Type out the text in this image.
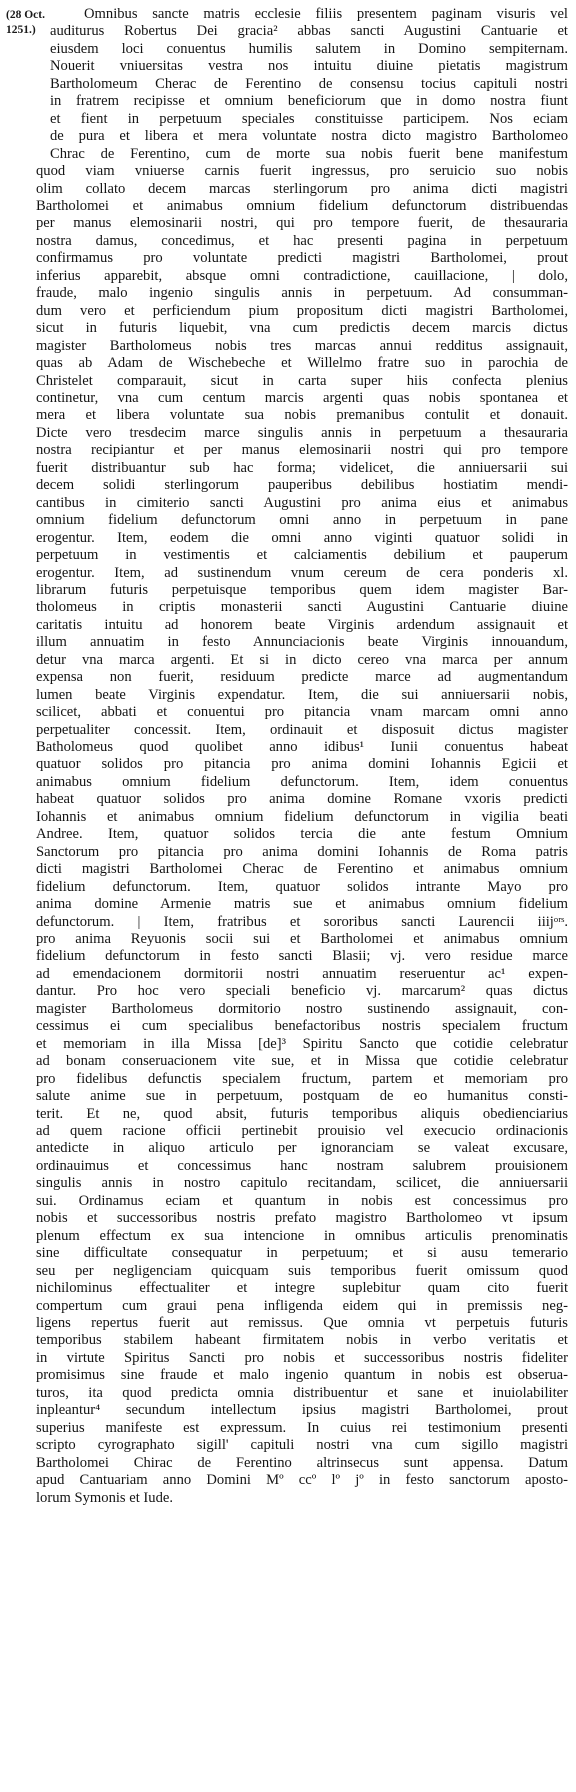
(28 Oct.
1251.)
Omnibus sancte matris ecclesie filiis presentem paginam visuris vel
auditurus Robertus Dei gracia² abbas sancti Augustini Cantuarie et
eiusdem loci conuentus humilis salutem in Domino sempiternam.
Nouerit vniuersitas vestra nos intuitu diuine pietatis magistrum
Bartholomeum Cherac de Ferentino de consensu tocius capituli nostri
in fratrem recipisse et omnium beneficiorum que in domo nostra fiunt
et fient in perpetuum speciales constituisse participem. Nos eciam
de pura et libera et mera voluntate nostra dicto magistro Bartholomeo
Chrac de Ferentino, cum de morte sua nobis fuerit bene manifestum
quod viam vniuerse carnis fuerit ingressus, pro seruicio suo nobis
olim collato decem marcas sterlingorum pro anima dicti magistri
Bartholomei et animabus omnium fidelium defunctorum distribuendas
per manus elemosinarii nostri, qui pro tempore fuerit, de thesauraria
nostra damus, concedimus, et hac presenti pagina in perpetuum
confirmamus pro voluntate predicti magistri Bartholomei, prout
inferius apparebit, absque omni contradictione, cauillacione, | dolo,
fraude, malo ingenio singulis annis in perpetuum. Ad consumman-
dum vero et perficiendum pium propositum dicti magistri Bartholomei,
sicut in futuris liquebit, vna cum predictis decem marcis dictus
magister Bartholomeus nobis tres marcas annui redditus assignauit,
quas ab Adam de Wischebeche et Willelmo fratre suo in parochia de
Christelet comparauit, sicut in carta super hiis confecta plenius
continetur, vna cum centum marcis argenti quas nobis spontanea et
mera et libera voluntate sua nobis premanibus contulit et donauit.
Dicte vero tresdecim marce singulis annis in perpetuum a thesauraria
nostra recipiantur et per manus elemosinarii nostri qui pro tempore
fuerit distribuantur sub hac forma; videlicet, die anniuersarii sui
decem solidi sterlingorum pauperibus debilibus hostiatim mendi-
cantibus in cimiterio sancti Augustini pro anima eius et animabus
omnium fidelium defunctorum omni anno in perpetuum in pane
erogentur. Item, eodem die omni anno viginti quatuor solidi in
perpetuum in vestimentis et calciamentis debilium et pauperum
erogentur. Item, ad sustinendum vnum cereum de cera ponderis xl.
librarum futuris perpetuisque temporibus quem idem magister Bar-
tholomeus in criptis monasterii sancti Augustini Cantuarie diuine
caritatis intuitu ad honorem beate Virginis ardendum assignauit et
illum annuatim in festo Annunciacionis beate Virginis innouandum,
detur vna marca argenti. Et si in dicto cereo vna marca per annum
expensa non fuerit, residuum predicte marce ad augmentandum
lumen beate Virginis expendatur. Item, die sui anniuersarii nobis,
scilicet, abbati et conuentui pro pitancia vnam marcam omni anno
perpetualiter concessit. Item, ordinauit et disposuit dictus magister
Batholomeus quod quolibet anno idibus¹ Iunii conuentus habeat
quatuor solidos pro pitancia pro anima domini Iohannis Egicii et
animabus omnium fidelium defunctorum. Item, idem conuentus
habeat quatuor solidos pro anima domine Romane vxoris predicti
Iohannis et animabus omnium fidelium defunctorum in vigilia beati
Andree. Item, quatuor solidos tercia die ante festum Omnium
Sanctorum pro pitancia pro anima domini Iohannis de Roma patris
dicti magistri Bartholomei Cherac de Ferentino et animabus omnium
fidelium defunctorum. Item, quatuor solidos intrante Mayo pro
anima domine Armenie matris sue et animabus omnium fidelium
defunctorum. | Item, fratribus et sororibus sancti Laurencii iiijᵒʳˢ.
pro anima Reyuonis socii sui et Bartholomei et animabus omnium
fidelium defunctorum in festo sancti Blasii; vj. vero residue marce
ad emendacionem dormitorii nostri annuatim reseruentur ac¹ expen-
dantur. Pro hoc vero speciali beneficio vj. marcarum² quas dictus
magister Bartholomeus dormitorio nostro sustinendo assignauit, con-
cessimus ei cum specialibus benefactoribus nostris specialem fructum
et memoriam in illa Missa [de]³ Spiritu Sancto que cotidie celebratur
ad bonam conseruacionem vite sue, et in Missa que cotidie celebratur
pro fidelibus defunctis specialem fructum, partem et memoriam pro
salute anime sue in perpetuum, postquam de eo humanitus consti-
terit. Et ne, quod absit, futuris temporibus aliquis obedienciarius
ad quem racione officii pertinebit prouisio vel execucio ordinacionis
antedicte in aliquo articulo per ignoranciam se valeat excusare,
ordinauimus et concessimus hanc nostram salubrem prouisionem
singulis annis in nostro capitulo recitandam, scilicet, die anniuersarii
sui. Ordinamus eciam et quantum in nobis est concessimus pro
nobis et successoribus nostris prefato magistro Bartholomeo vt ipsum
plenum effectum ex sua intencione in omnibus articulis prenominatis
sine difficultate consequatur in perpetuum; et si ausu temerario
seu per negligenciam quicquam suis temporibus fuerit omissum quod
nichilominus effectualiter et integre suplebitur quam cito fuerit
compertum cum graui pena infligenda eidem qui in premissis neg-
ligens repertus fuerit aut remissus. Que omnia vt perpetuis futuris
temporibus stabilem habeant firmitatem nobis in verbo veritatis et
in virtute Spiritus Sancti pro nobis et successoribus nostris fideliter
promisimus sine fraude et malo ingenio quantum in nobis est obserua-
turos, ita quod predicta omnia distribuentur et sane et inuiolabiliter
inpleantur⁴ secundum intellectum ipsius magistri Bartholomei, prout
superius manifeste est expressum. In cuius rei testimonium presenti
scripto cyrographato sigill' capituli nostri vna cum sigillo magistri
Bartholomei Chirac de Ferentino altrinsecus sunt appensa. Datum
apud Cantuariam anno Domini Mº ccº lº jº in festo sanctorum aposto-
lorum Symonis et Iude.
